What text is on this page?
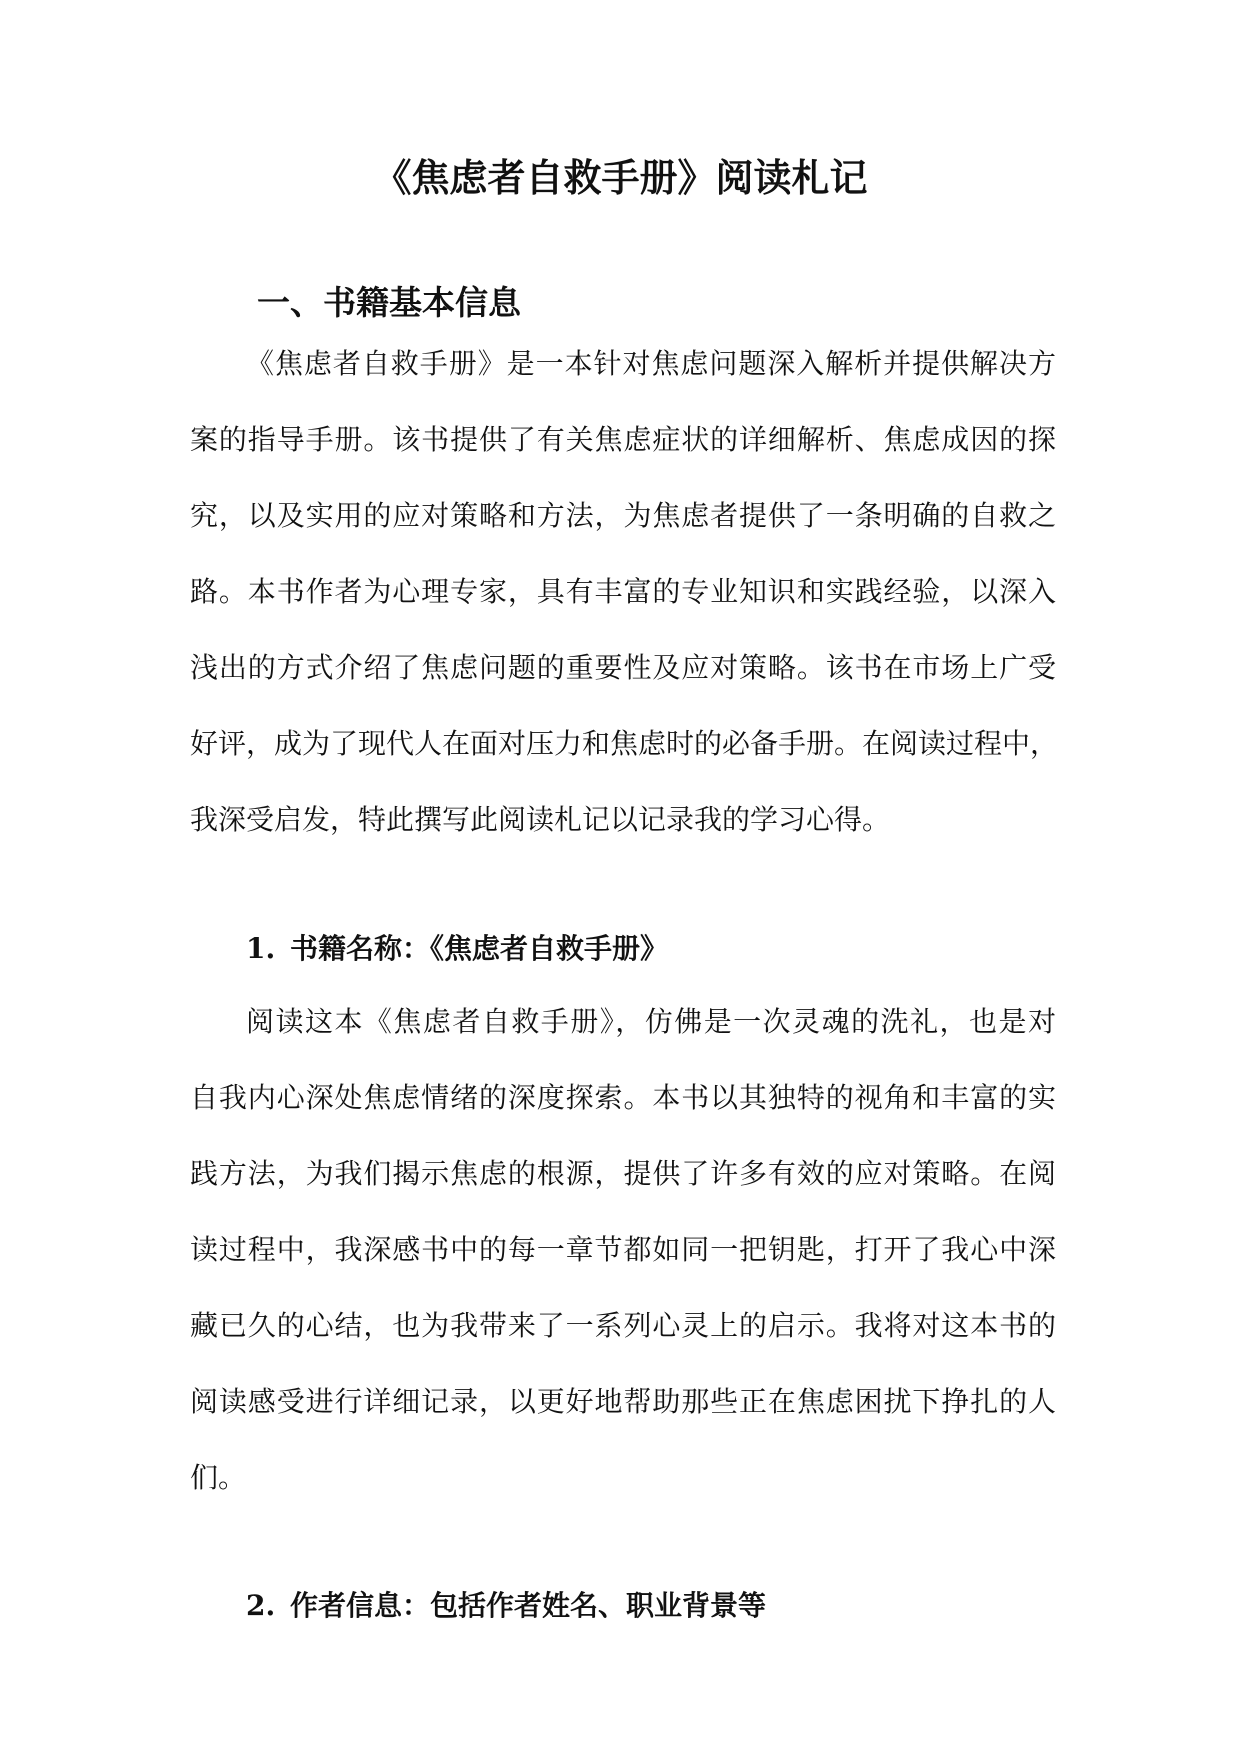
《焦虑者自救手册》阅读札记
一、书籍基本信息
《焦虑者自救手册》是一本针对焦虑问题深入解析并提供解决方
案的指导手册。该书提供了有关焦虑症状的详细解析、焦虑成因的探
究，以及实用的应对策略和方法，为焦虑者提供了一条明确的自救之
路。本书作者为心理专家，具有丰富的专业知识和实践经验，以深入
浅出的方式介绍了焦虑问题的重要性及应对策略。该书在市场上广受
好评，成为了现代人在面对压力和焦虑时的必备手册。在阅读过程中，
我深受启发，特此撰写此阅读札记以记录我的学习心得。
1. 书籍名称：《焦虑者自救手册》
阅读这本《焦虑者自救手册》，仿佛是一次灵魂的洗礼，也是对
自我内心深处焦虑情绪的深度探索。本书以其独特的视角和丰富的实
践方法，为我们揭示焦虑的根源，提供了许多有效的应对策略。在阅
读过程中，我深感书中的每一章节都如同一把钥匙，打开了我心中深
藏已久的心结，也为我带来了一系列心灵上的启示。我将对这本书的
阅读感受进行详细记录，以更好地帮助那些正在焦虑困扰下挣扎的人
们。
2. 作者信息：包括作者姓名、职业背景等
